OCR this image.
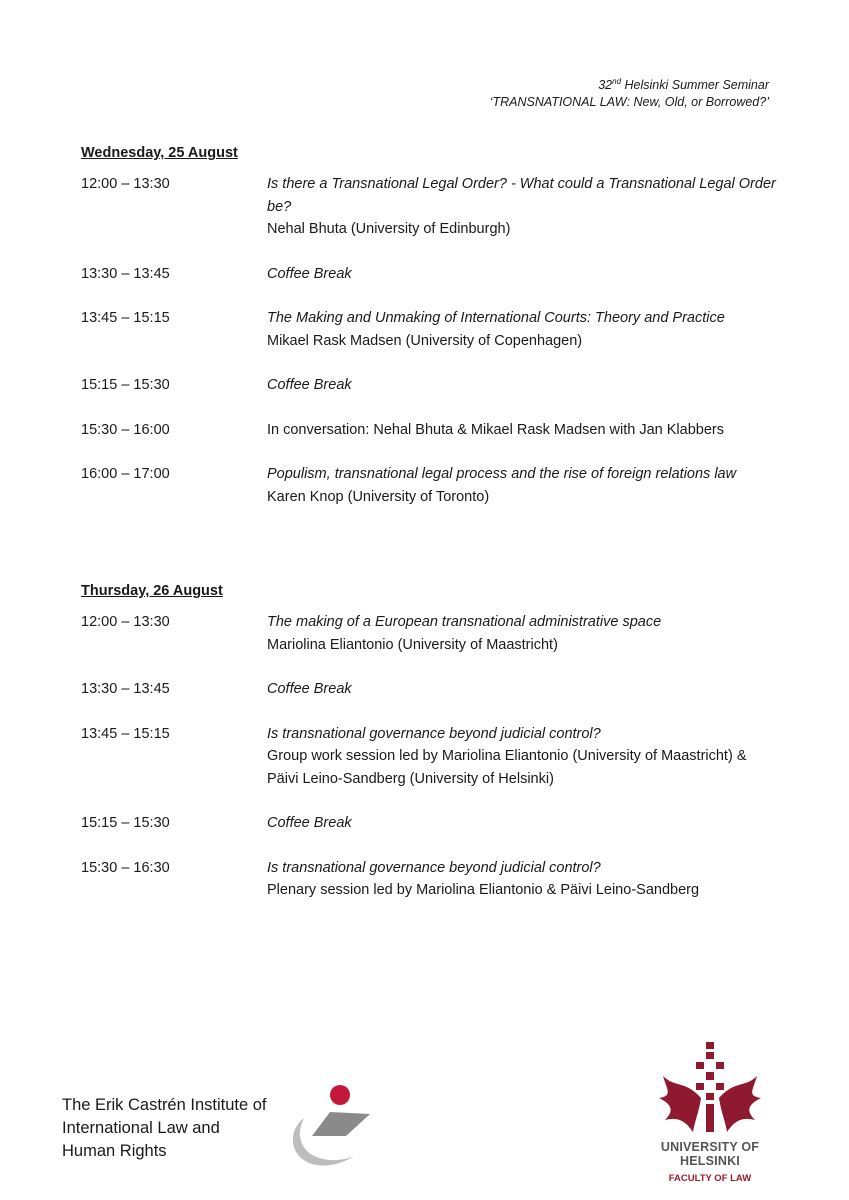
32nd Helsinki Summer Seminar
‘TRANSNATIONAL LAW: New, Old, or Borrowed?’
Wednesday, 25 August
12:00 – 13:30	Is there a Transnational Legal Order? - What could a Transnational Legal Order be?
Nehal Bhuta (University of Edinburgh)
13:30 – 13:45	Coffee Break
13:45 – 15:15	The Making and Unmaking of International Courts: Theory and Practice
Mikael Rask Madsen (University of Copenhagen)
15:15 – 15:30	Coffee Break
15:30 – 16:00	In conversation: Nehal Bhuta & Mikael Rask Madsen with Jan Klabbers
16:00 – 17:00	Populism, transnational legal process and the rise of foreign relations law
Karen Knop (University of Toronto)
Thursday, 26 August
12:00 – 13:30	The making of a European transnational administrative space
Mariolina Eliantonio (University of Maastricht)
13:30 – 13:45	Coffee Break
13:45 – 15:15	Is transnational governance beyond judicial control?
Group work session led by Mariolina Eliantonio (University of Maastricht) & Päivi Leino-Sandberg (University of Helsinki)
15:15 – 15:30	Coffee Break
15:30 – 16:30	Is transnational governance beyond judicial control?
Plenary session led by Mariolina Eliantonio & Päivi Leino-Sandberg
The Erik Castrén Institute of
International Law and
Human Rights	UNIVERSITY OF HELSINKI
FACULTY OF LAW
